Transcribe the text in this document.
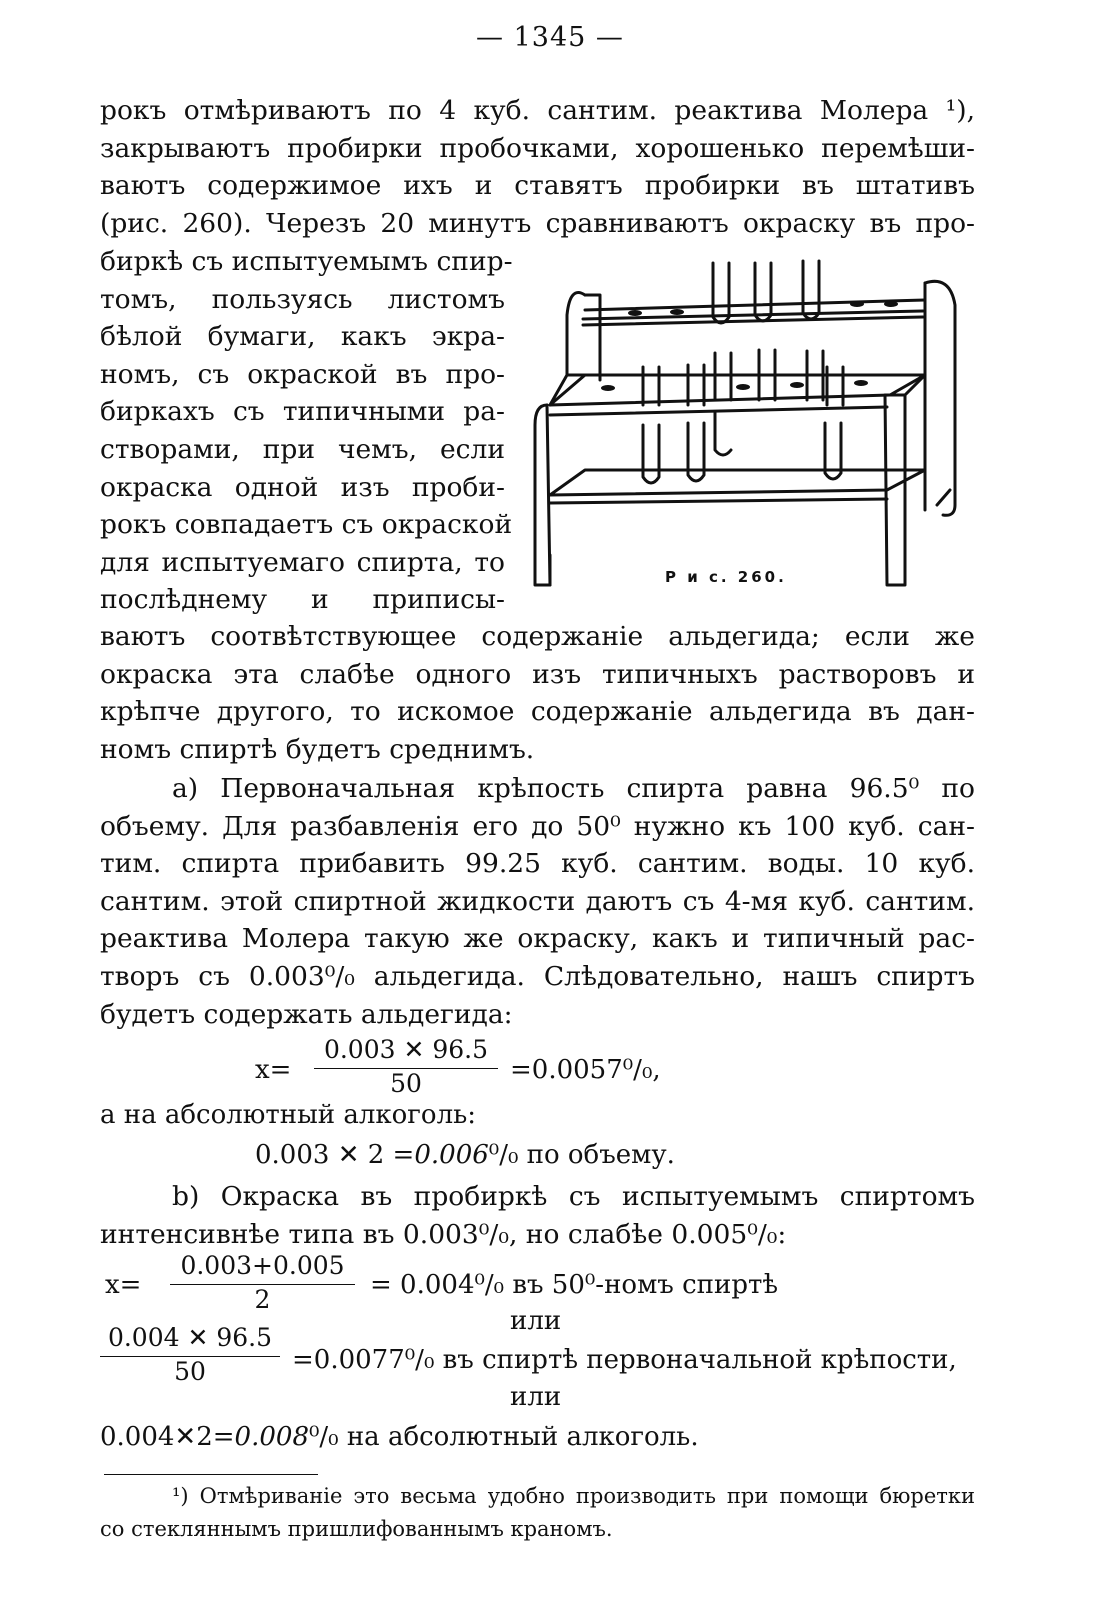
— 1345 —
рокъ отмѣриваютъ по 4 куб. сантим. реактива Молера ¹),
закрываютъ пробирки пробочками, хорошенько перемѣши-
ваютъ содержимое ихъ и ставятъ пробирки въ штативъ
(рис. 260). Черезъ 20 минутъ сравниваютъ окраску въ про-
биркѣ съ испытуемымъ спир-
томъ, пользуясь листомъ
бѣлой бумаги, какъ экра-
номъ, съ окраской въ про-
биркахъ съ типичными ра-
створами, при чемъ, если
окраска одной изъ проби-
рокъ совпадаетъ съ окраской
для испытуемаго спирта, то
послѣднему и приписы-
Р и с. 260.
ваютъ соотвѣтствующее содержаніе альдегида; если же
окраска эта слабѣе одного изъ типичныхъ растворовъ и
крѣпче другого, то искомое содержаніе альдегида въ дан-
номъ спиртѣ будетъ среднимъ.
a) Первоначальная крѣпость спирта равна 96.5⁰ по
объему. Для разбавленія его до 50⁰ нужно къ 100 куб. сан-
тим. спирта прибавить 99.25 куб. сантим. воды. 10 куб.
сантим. этой спиртной жидкости даютъ съ 4-мя куб. сантим.
реактива Молера такую же окраску, какъ и типичный рас-
творъ съ 0.003⁰/₀ альдегида. Слѣдовательно, нашъ спиртъ
будетъ содержать альдегида:
$x= \frac{0.003 ✕ 96.5}{50} =0.0057^0/_0$,
а на абсолютный алкоголь:
0.003 ✕ 2 =0.006⁰/₀ по объему.
b) Окраска въ пробиркѣ съ испытуемымъ спиртомъ
интенсивнѣе типа въ 0.003⁰/₀, но слабѣе 0.005⁰/₀:
$x= \frac{0.003+0.005}{2} = 0.004^0/_0$ въ 50⁰-номъ спиртѣ
или
$\frac{0.004 ✕ 96.5}{50} =0.0077^0/_0$ въ спиртѣ первоначальной крѣпости,
или
0.004✕2=0.008⁰/₀ на абсолютный алкоголь.
¹) Отмѣриваніе это весьма удобно производить при помощи бюретки
со стекляннымъ пришлифованнымъ краномъ.
